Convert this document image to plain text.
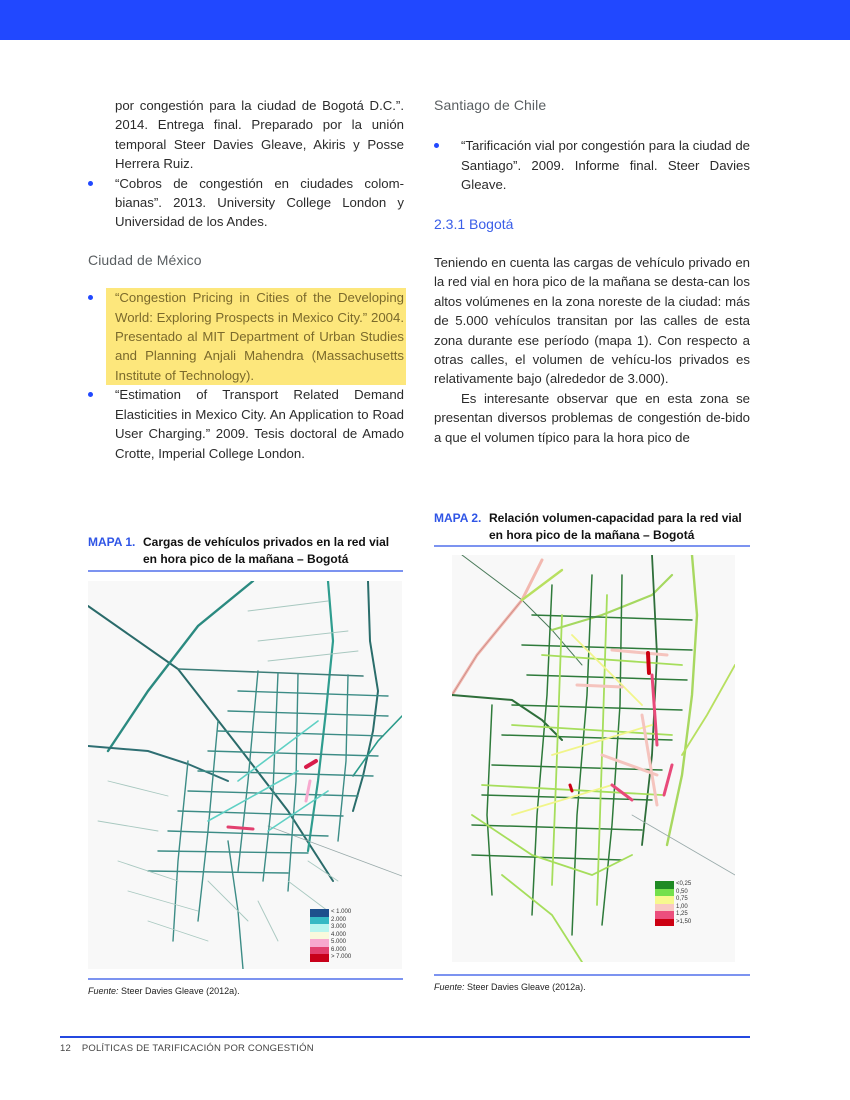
por congestión para la ciudad de Bogotá D.C.”. 2014. Entrega final. Preparado por la unión temporal Steer Davies Gleave, Akiris y Posse Herrera Ruiz.
“Cobros de congestión en ciudades colom-bianas”. 2013. University College London y Universidad de los Andes.
Ciudad de México
“Congestion Pricing in Cities of the Developing World: Exploring Prospects in Mexico City.” 2004. Presentado al MIT Department of Urban Studies and Planning Anjali Mahendra (Massachusetts Institute of Technology).
“Estimation of Transport Related Demand Elasticities in Mexico City. An Application to Road User Charging.” 2009. Tesis doctoral de Amado Crotte, Imperial College London.
Santiago de Chile
“Tarificación vial por congestión para la ciudad de Santiago”. 2009. Informe final. Steer Davies Gleave.
2.3.1 Bogotá
Teniendo en cuenta las cargas de vehículo privado en la red vial en hora pico de la mañana se desta-can los altos volúmenes en la zona noreste de la ciudad: más de 5.000 vehículos transitan por las calles de esta zona durante ese período (mapa 1). Con respecto a otras calles, el volumen de vehícu-los privados es relativamente bajo (alrededor de 3.000).
Es interesante observar que en esta zona se presentan diversos problemas de congestión de-bido a que el volumen típico para la hora pico de
MAPA 1. Cargas de vehículos privados en la red vial en hora pico de la mañana – Bogotá
< 1.000
2.000
3.000
4.000
5.000
6.000
> 7.000
Fuente: Steer Davies Gleave (2012a).
MAPA 2. Relación volumen-capacidad para la red vial en hora pico de la mañana – Bogotá
<0,25
0,50
0,75
1,00
1,25
>1,50
Fuente: Steer Davies Gleave (2012a).
12 POLÍTICAS DE TARIFICACIÓN POR CONGESTIÓN
